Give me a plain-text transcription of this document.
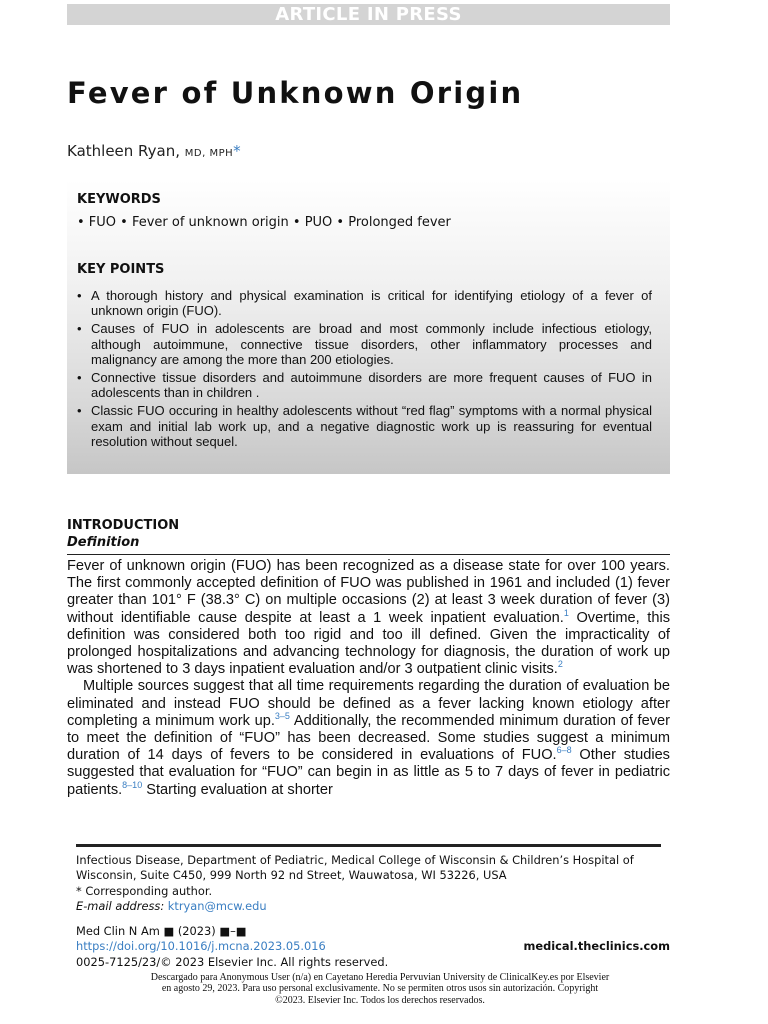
ARTICLE IN PRESS
Fever of Unknown Origin
Kathleen Ryan, MD, MPH*
KEYWORDS
• FUO • Fever of unknown origin • PUO • Prolonged fever
KEY POINTS
• A thorough history and physical examination is critical for identifying etiology of a fever of unknown origin (FUO).
• Causes of FUO in adolescents are broad and most commonly include infectious etiology, although autoimmune, connective tissue disorders, other inflammatory processes and malignancy are among the more than 200 etiologies.
• Connective tissue disorders and autoimmune disorders are more frequent causes of FUO in adolescents than in children .
• Classic FUO occuring in healthy adolescents without “red flag” symptoms with a normal physical exam and initial lab work up, and a negative diagnostic work up is reassuring for eventual resolution without sequel.
INTRODUCTION
Definition

Fever of unknown origin (FUO) has been recognized as a disease state for over 100 years. The first commonly accepted definition of FUO was published in 1961 and included (1) fever greater than 101° F (38.3° C) on multiple occasions (2) at least 3 week duration of fever (3) without identifiable cause despite at least a 1 week inpatient evaluation.$^1$ Overtime, this definition was considered both too rigid and too ill defined. Given the impracticality of prolonged hospitalizations and advancing technology for diagnosis, the duration of work up was shortened to 3 days inpatient evaluation and/or 3 outpatient clinic visits.$^2$

Multiple sources suggest that all time requirements regarding the duration of evaluation be eliminated and instead FUO should be defined as a fever lacking known etiology after completing a minimum work up.$^{3-5}$ Additionally, the recommended minimum duration of fever to meet the definition of “FUO” has been decreased. Some studies suggest a minimum duration of 14 days of fevers to be considered in evaluations of FUO.$^{6-8}$ Other studies suggested that evaluation for “FUO” can begin in as little as 5 to 7 days of fever in pediatric patients.$^{8-10}$ Starting evaluation at shorter

Infectious Disease, Department of Pediatric, Medical College of Wisconsin & Children’s Hospital of Wisconsin, Suite C450, 999 North 92 nd Street, Wauwatosa, WI 53226, USA
* Corresponding author.
E-mail address: ktryan@mcw.edu
Med Clin N Am ■ (2023) ■–■
https://doi.org/10.1016/j.mcna.2023.05.016
0025-7125/23/© 2023 Elsevier Inc. All rights reserved.
medical.theclinics.com
Descargado para Anonymous User (n/a) en Cayetano Heredia Pervuvian University de ClinicalKey.es por Elsevier en agosto 29, 2023. Para uso personal exclusivamente. No se permiten otros usos sin autorización. Copyright ©2023. Elsevier Inc. Todos los derechos reservados.
